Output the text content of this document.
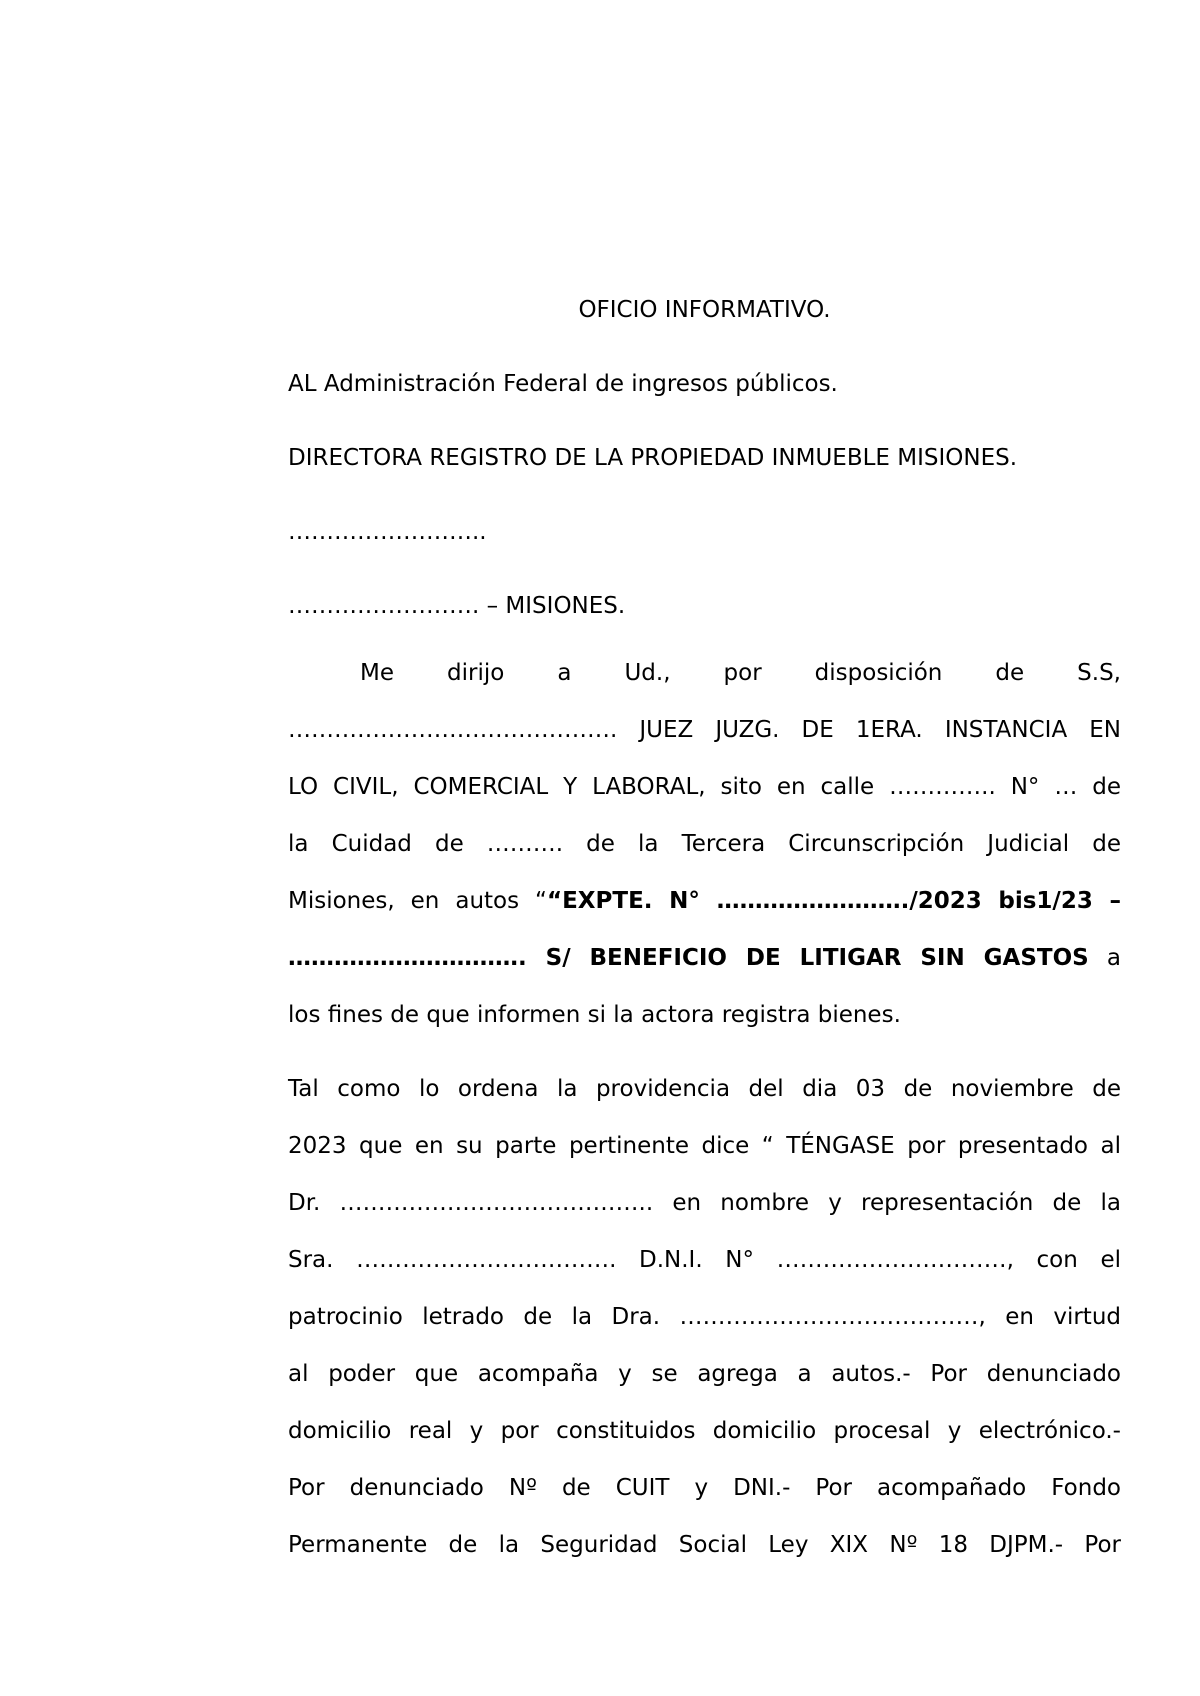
OFICIO INFORMATIVO.
AL Administración Federal de ingresos públicos.
DIRECTORA REGISTRO DE LA PROPIEDAD INMUEBLE MISIONES.
……………………..
……………………. – MISIONES.
Me dirijo a Ud., por disposición de S.S,
……………………………………. JUEZ JUZG. DE 1ERA. INSTANCIA EN
LO CIVIL, COMERCIAL Y LABORAL, sito en calle ………….. N° … de
la Cuidad de ………. de la Tercera Circunscripción Judicial de
Misiones, en autos ““EXPTE. N° ……………………./2023 bis1/23 –
…………………………. S/ BENEFICIO DE LITIGAR SIN GASTOS a
los fines de que informen si la actora registra bienes.
Tal como lo ordena la providencia del dia 03 de noviembre de
2023 que en su parte pertinente dice “ TÉNGASE por presentado al
Dr. ………………………………….. en nombre y representación de la
Sra. ……………………………. D.N.I. N° …………………………, con el
patrocinio letrado de la Dra. …………………………………, en virtud
al poder que acompaña y se agrega a autos.- Por denunciado
domicilio real y por constituidos domicilio procesal y electrónico.-
Por denunciado Nº de CUIT y DNI.- Por acompañado Fondo
Permanente de la Seguridad Social Ley XIX Nº 18 DJPM.- Por
